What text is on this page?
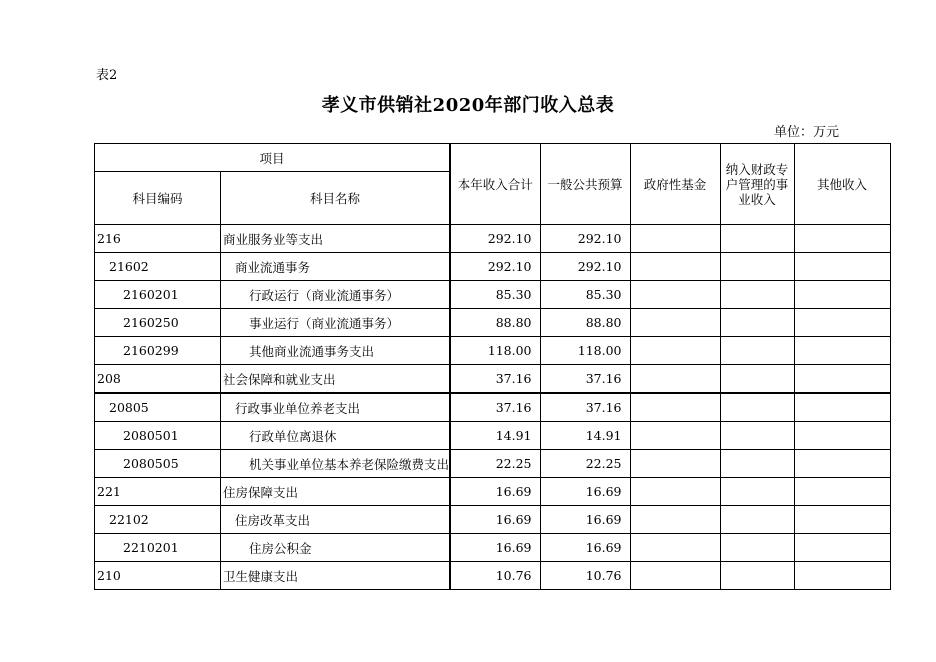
表2
孝义市供销社2020年部门收入总表
单位：万元
项目		本年收入合计	一般公共预算	政府性基金	纳入财政专户管理的事业收入	其他收入
科目编码	科目名称					
216	商业服务业等支出	292.10	292.10			
21602	商业流通事务	292.10	292.10			
2160201	行政运行（商业流通事务）	85.30	85.30			
2160250	事业运行（商业流通事务）	88.80	88.80			
2160299	其他商业流通事务支出	118.00	118.00			
208	社会保障和就业支出	37.16	37.16			
20805	行政事业单位养老支出	37.16	37.16			
2080501	行政单位离退休	14.91	14.91			
2080505	机关事业单位基本养老保险缴费支出	22.25	22.25			
221	住房保障支出	16.69	16.69			
22102	住房改革支出	16.69	16.69			
2210201	住房公积金	16.69	16.69			
210	卫生健康支出	10.76	10.76			
